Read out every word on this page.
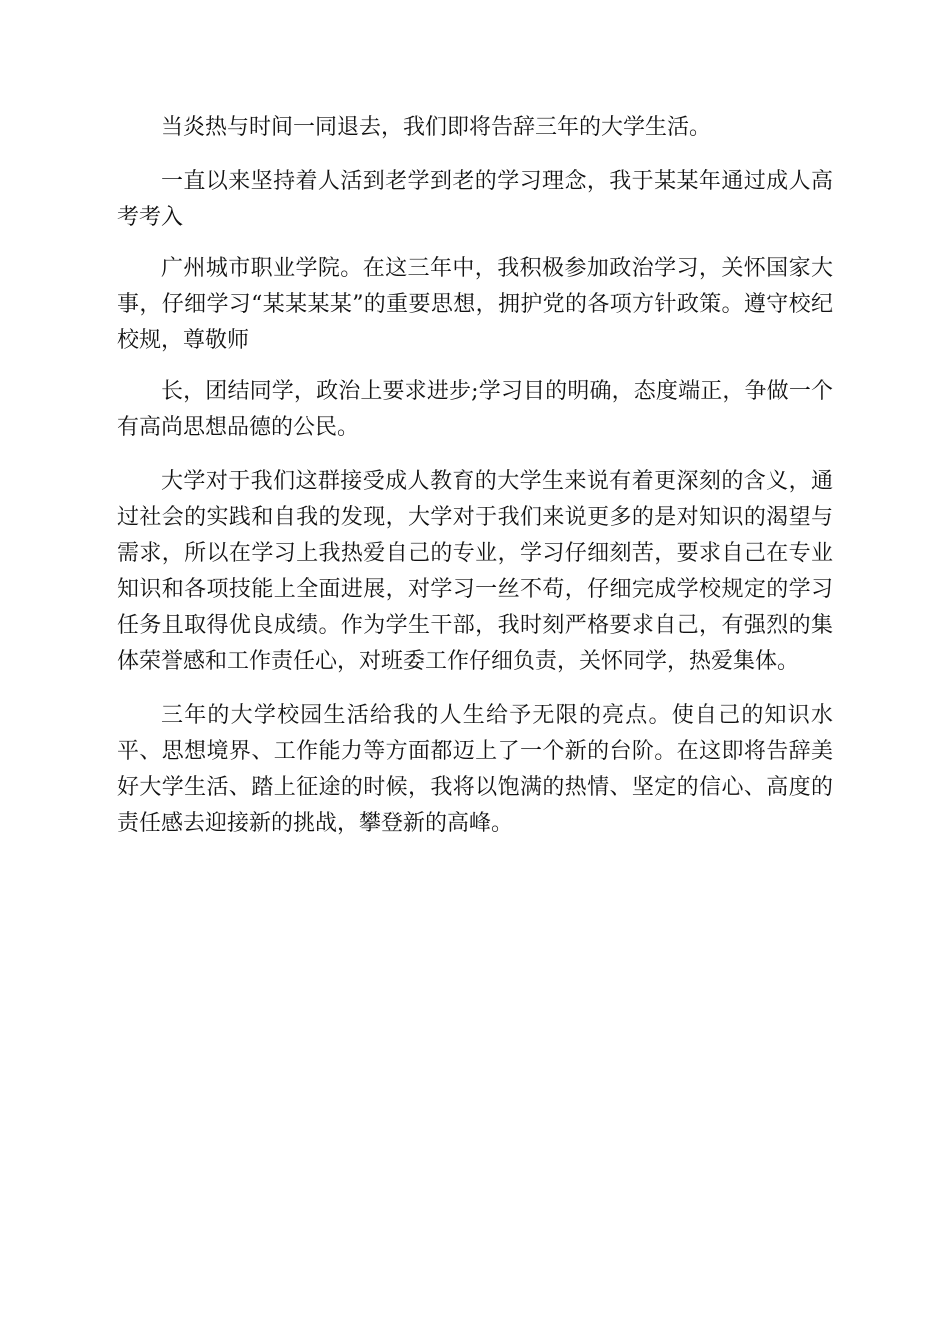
当炎热与时间一同退去，我们即将告辞三年的大学生活。

一直以来坚持着人活到老学到老的学习理念，我于某某年通过成人高考考入

广州城市职业学院。在这三年中，我积极参加政治学习，关怀国家大事，仔细学习“某某某某”的重要思想，拥护党的各项方针政策。遵守校纪校规，尊敬师

长，团结同学，政治上要求进步;学习目的明确，态度端正，争做一个有高尚思想品德的公民。

大学对于我们这群接受成人教育的大学生来说有着更深刻的含义，通过社会的实践和自我的发现，大学对于我们来说更多的是对知识的渴望与需求，所以在学习上我热爱自己的专业，学习仔细刻苦，要求自己在专业知识和各项技能上全面进展，对学习一丝不苟，仔细完成学校规定的学习任务且取得优良成绩。作为学生干部，我时刻严格要求自己，有强烈的集体荣誉感和工作责任心，对班委工作仔细负责，关怀同学，热爱集体。

三年的大学校园生活给我的人生给予无限的亮点。使自己的知识水平、思想境界、工作能力等方面都迈上了一个新的台阶。在这即将告辞美好大学生活、踏上征途的时候，我将以饱满的热情、坚定的信心、高度的责任感去迎接新的挑战，攀登新的高峰。
